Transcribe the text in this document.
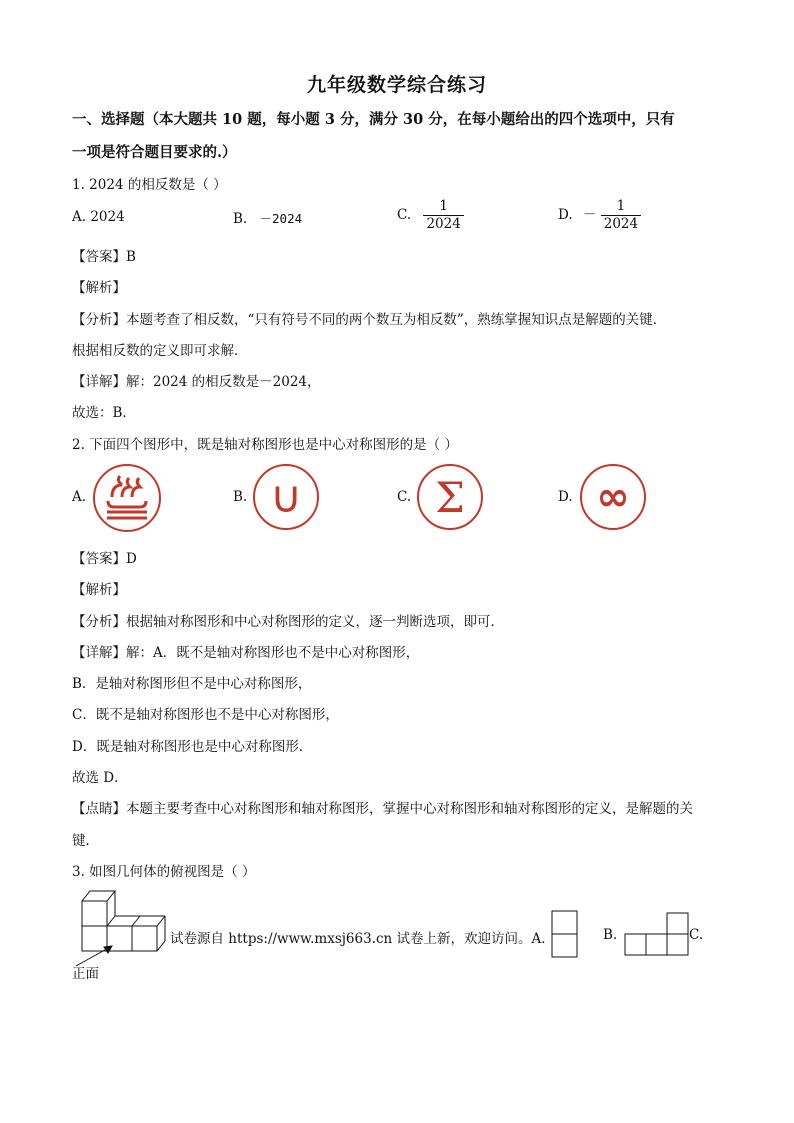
九年级数学综合练习
一、选择题（本大题共 10 题，每小题 3 分，满分 30 分，在每小题给出的四个选项中，只有
一项是符合题目要求的.）
1. 2024 的相反数是（ ）
A. 2024	B. －2024	C. $\frac{1}{2024}$	D. － $\frac{1}{2024}$
【答案】B
【解析】
【分析】本题考查了相反数，“只有符号不同的两个数互为相反数”，熟练掌握知识点是解题的关键．
根据相反数的定义即可求解．
【详解】解：2024 的相反数是－2024，
故选：B．
2. 下面四个图形中，既是轴对称图形也是中心对称图形的是（ ）
A.	B. ∪	C. Σ	D. ∞
【答案】D
【解析】
【分析】根据轴对称图形和中心对称图形的定义，逐一判断选项，即可．
【详解】解：A．既不是轴对称图形也不是中心对称图形，
B．是轴对称图形但不是中心对称图形，
C．既不是轴对称图形也不是中心对称图形，
D．既是轴对称图形也是中心对称图形．
故选 D．
【点睛】本题主要考查中心对称图形和轴对称图形，掌握中心对称图形和轴对称图形的定义，是解题的关
键．
3. 如图几何体的俯视图是（ ）
正面
试卷源自 https://www.mxsj663.cn 试卷上新，欢迎访问。A.	B.	C.
